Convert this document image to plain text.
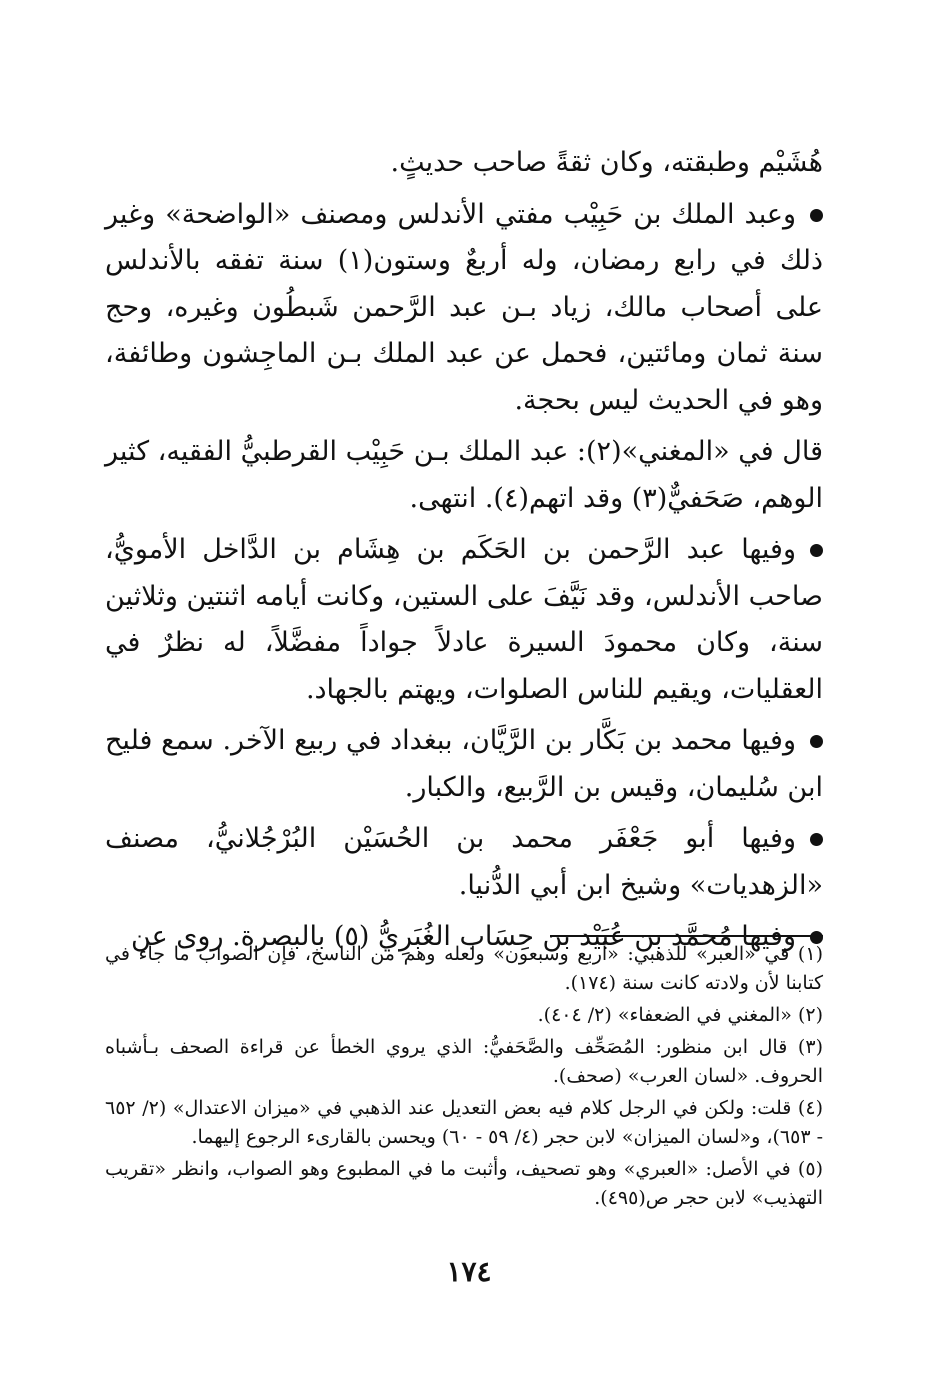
هُشَيْم وطبقته، وكان ثقةً صاحب حديثٍ.

وعبد الملك بن حَبِيْب مفتي الأندلس ومصنف «الواضحة» وغير ذلك في رابع رمضان، وله أربعٌ وستون(١) سنة تفقه بالأندلس على أصحاب مالك، زياد بـن عبد الرَّحمن شَبطُون وغيره، وحج سنة ثمان ومائتين، فحمل عن عبد الملك بـن الماجِشون وطائفة، وهو في الحديث ليس بحجة.

قال في «المغني»(٢): عبد الملك بـن حَبِيْب القرطبيُّ الفقيه، كثير الوهم، صَحَفيٌّ(٣) وقد اتهم(٤). انتهى.

وفيها عبد الرَّحمن بن الحَكَم بن هِشَام بن الدَّاخل الأمويُّ، صاحب الأندلس، وقد نَيَّفَ على الستين، وكانت أيامه اثنتين وثلاثين سنة، وكان محمودَ السيرة عادلاً جواداً مفضَّلاً، له نظرٌ في العقليات، ويقيم للناس الصلوات، ويهتم بالجهاد.

وفيها محمد بن بَكَّار بن الرَّيَّان، ببغداد في ربيع الآخر. سمع فليح ابن سُليمان، وقيس بن الرَّبيع، والكبار.

وفيها أبو جَعْفَر محمد بن الحُسَيْن البُرْجُلانيُّ، مصنف «الزهديات» وشيخ ابن أبي الدُّنيا.

وفيها مُحمَّد بن عُبَيْد بن حِسَاب الغُبَرِيُّ (٥) بالبصرة. روى عن

(١) في «العبر» للذهبي: «أربع وسبعون» ولعله وهم من الناسخ، فإن الصواب ما جاء في كتابنا لأن ولادته كانت سنة (١٧٤).

(٢) «المغني في الضعفاء» (٢/ ٤٠٤).

(٣) قال ابن منظور: المُصَحِّف والصَّحَفيُّ: الذي يروي الخطأ عن قراءة الصحف بـأشباه الحروف. «لسان العرب» (صحف).

(٤) قلت: ولكن في الرجل كلام فيه بعض التعديل عند الذهبي في «ميزان الاعتدال» (٢/ ٦٥٢ - ٦٥٣)، و«لسان الميزان» لابن حجر (٤/ ٥٩ - ٦٠) ويحسن بالقارىء الرجوع إليهما.

(٥) في الأصل: «العبري» وهو تصحيف، وأثبت ما في المطبوع وهو الصواب، وانظر «تقريب التهذيب» لابن حجر ص(٤٩٥).

١٧٤
